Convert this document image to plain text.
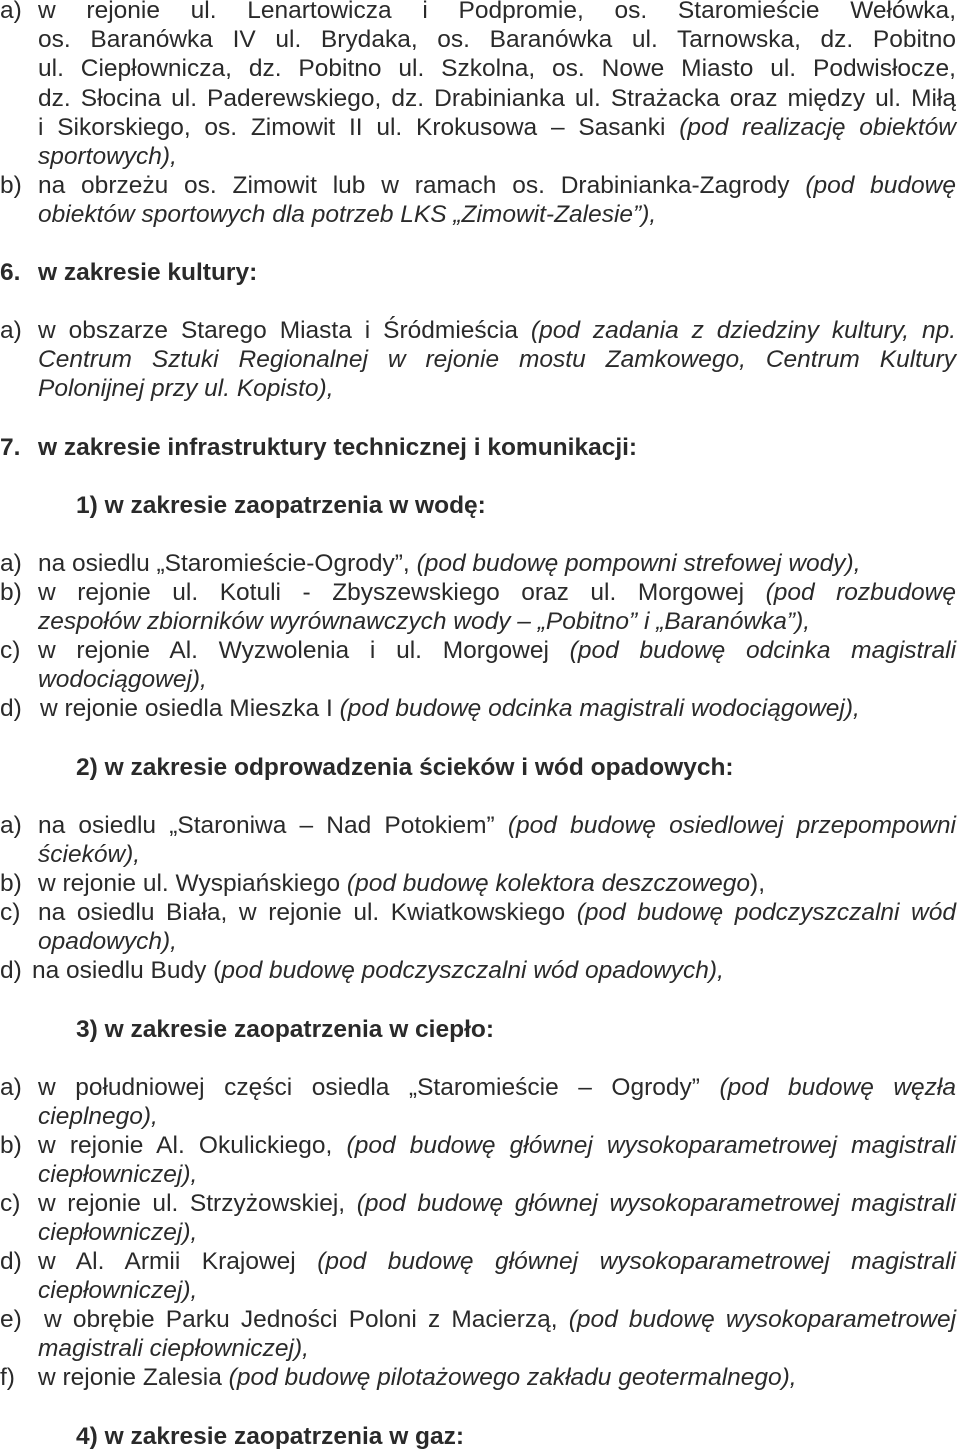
a) w rejonie ul. Lenartowicza i Podpromie, os. Staromieście Wełówka,
os. Baranówka IV ul. Brydaka, os. Baranówka ul. Tarnowska, dz. Pobitno
ul. Ciepłownicza, dz. Pobitno ul. Szkolna, os. Nowe Miasto ul. Podwisłocze,
dz. Słocina ul. Paderewskiego, dz. Drabinianka ul. Strażacka oraz między ul. Miłą
i Sikorskiego, os. Zimowit II ul. Krokusowa – Sasanki (pod realizację obiektów
sportowych),
b) na obrzeżu os. Zimowit lub w ramach os. Drabinianka-Zagrody (pod budowę
obiektów sportowych dla potrzeb LKS „Zimowit-Zalesie”),
6. w zakresie kultury:
a) w obszarze Starego Miasta i Śródmieścia (pod zadania z dziedziny kultury, np.
Centrum Sztuki Regionalnej w rejonie mostu Zamkowego, Centrum Kultury
Polonijnej przy ul. Kopisto),
7. w zakresie infrastruktury technicznej i komunikacji:
1) w zakresie zaopatrzenia w wodę:
a) na osiedlu „Staromieście-Ogrody”, (pod budowę pompowni strefowej wody),
b) w rejonie ul. Kotuli - Zbyszewskiego oraz ul. Morgowej (pod rozbudowę
zespołów zbiorników wyrównawczych wody – „Pobitno” i „Baranówka”),
c) w rejonie Al. Wyzwolenia i ul. Morgowej (pod budowę odcinka magistrali
wodociągowej),
d) w rejonie osiedla Mieszka I (pod budowę odcinka magistrali wodociągowej),
2) w zakresie odprowadzenia ścieków i wód opadowych:
a) na osiedlu „Staroniwa – Nad Potokiem” (pod budowę osiedlowej przepompowni
ścieków),
b) w rejonie ul. Wyspiańskiego (pod budowę kolektora deszczowego),
c) na osiedlu Biała, w rejonie ul. Kwiatkowskiego (pod budowę podczyszczalni wód
opadowych),
d) na osiedlu Budy (pod budowę podczyszczalni wód opadowych),
3) w zakresie zaopatrzenia w ciepło:
a) w południowej części osiedla „Staromieście – Ogrody” (pod budowę węzła
cieplnego),
b) w rejonie Al. Okulickiego, (pod budowę głównej wysokoparametrowej magistrali
ciepłowniczej),
c) w rejonie ul. Strzyżowskiej, (pod budowę głównej wysokoparametrowej magistrali
ciepłowniczej),
d) w Al. Armii Krajowej (pod budowę głównej wysokoparametrowej magistrali
ciepłowniczej),
e) w obrębie Parku Jedności Poloni z Macierzą, (pod budowę wysokoparametrowej
magistrali ciepłowniczej),
f) w rejonie Zalesia (pod budowę pilotażowego zakładu geotermalnego),
4) w zakresie zaopatrzenia w gaz:
